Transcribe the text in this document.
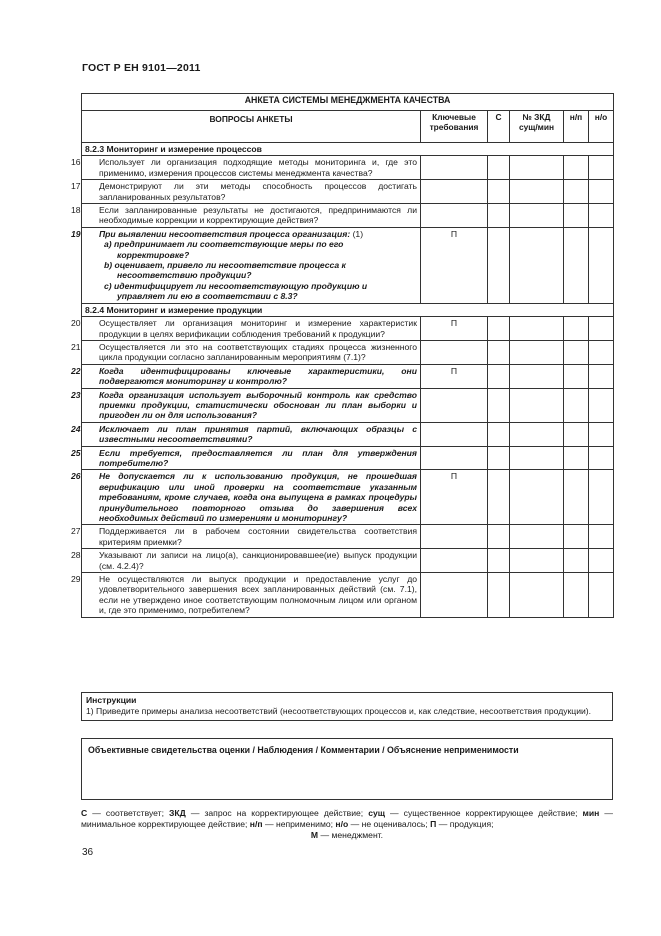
ГОСТ Р ЕН 9101—2011
АНКЕТА СИСТЕМЫ МЕНЕДЖМЕНТА КАЧЕСТВА					
ВОПРОСЫ АНКЕТЫ	Ключевые требования	С	№ ЗКД сущ/мин	н/п	н/о
8.2.3 Мониторинг и измерение процессов					

16 Использует ли организация подходящие методы мониторинга и, где это применимо, измерения процессов системы менеджмента качества?					

17 Демонстрируют ли эти методы способность процессов достигать запланированных результатов?					

18 Если запланированные результаты не достигаются, предпринимаются ли необходимые коррекции и корректирующие действия?					

19 При выявлении несоответствия процесса организация: (1)
a) предпринимает ли соответствующие меры по его корректировке?
b) оценивает, привело ли несоответствие процесса к несоответствию продукции?
c) идентифицирует ли несоответствующую продукцию и управляет ли ею в соответствии с 8.3?	П				
8.2.4 Мониторинг и измерение продукции					

20 Осуществляет ли организация мониторинг и измерение характеристик продукции в целях верификации соблюдения требований к продукции?	П				

21 Осуществляется ли это на соответствующих стадиях процесса жизненного цикла продукции согласно запланированным мероприятиям (7.1)?					

22 Когда идентифицированы ключевые характеристики, они подвергаются мониторингу и контролю?	П				

23 Когда организация использует выборочный контроль как средство приемки продукции, статистически обоснован ли план выборки и пригоден ли он для использования?					

24 Исключает ли план принятия партий, включающих образцы с известными несоответствиями?					

25 Если требуется, предоставляется ли план для утверждения потребителю?					

26 Не допускается ли к использованию продукция, не прошедшая верификацию или иной проверки на соответствие указанным требованиям, кроме случаев, когда она выпущена в рамках процедуры принудительного повторного отзыва до завершения всех необходимых действий по измерениям и мониторингу?	П				

27 Поддерживается ли в рабочем состоянии свидетельства соответствия критериям приемки?					

28 Указывают ли записи на лицо(а), санкционировавшее(ие) выпуск продукции (см. 4.2.4)?					

29 Не осуществляются ли выпуск продукции и предоставление услуг до удовлетворительного завершения всех запланированных действий (см. 7.1), если не утверждено иное соответствующим полномочным лицом или органом и, где это применимо, потребителем?					

Инструкции
1) Приведите примеры анализа несоответствий (несоответствующих процессов и, как следствие, несоответствия продукции).
Объективные свидетельства оценки / Наблюдения / Комментарии / Объяснение неприменимости
С — соответствует; ЗКД — запрос на корректирующее действие; сущ — существенное корректирующее действие; мин — минимальное корректирующее действие; н/п — неприменимо; н/о — не оценивалось; П — продукция;
М — менеджмент.
36
